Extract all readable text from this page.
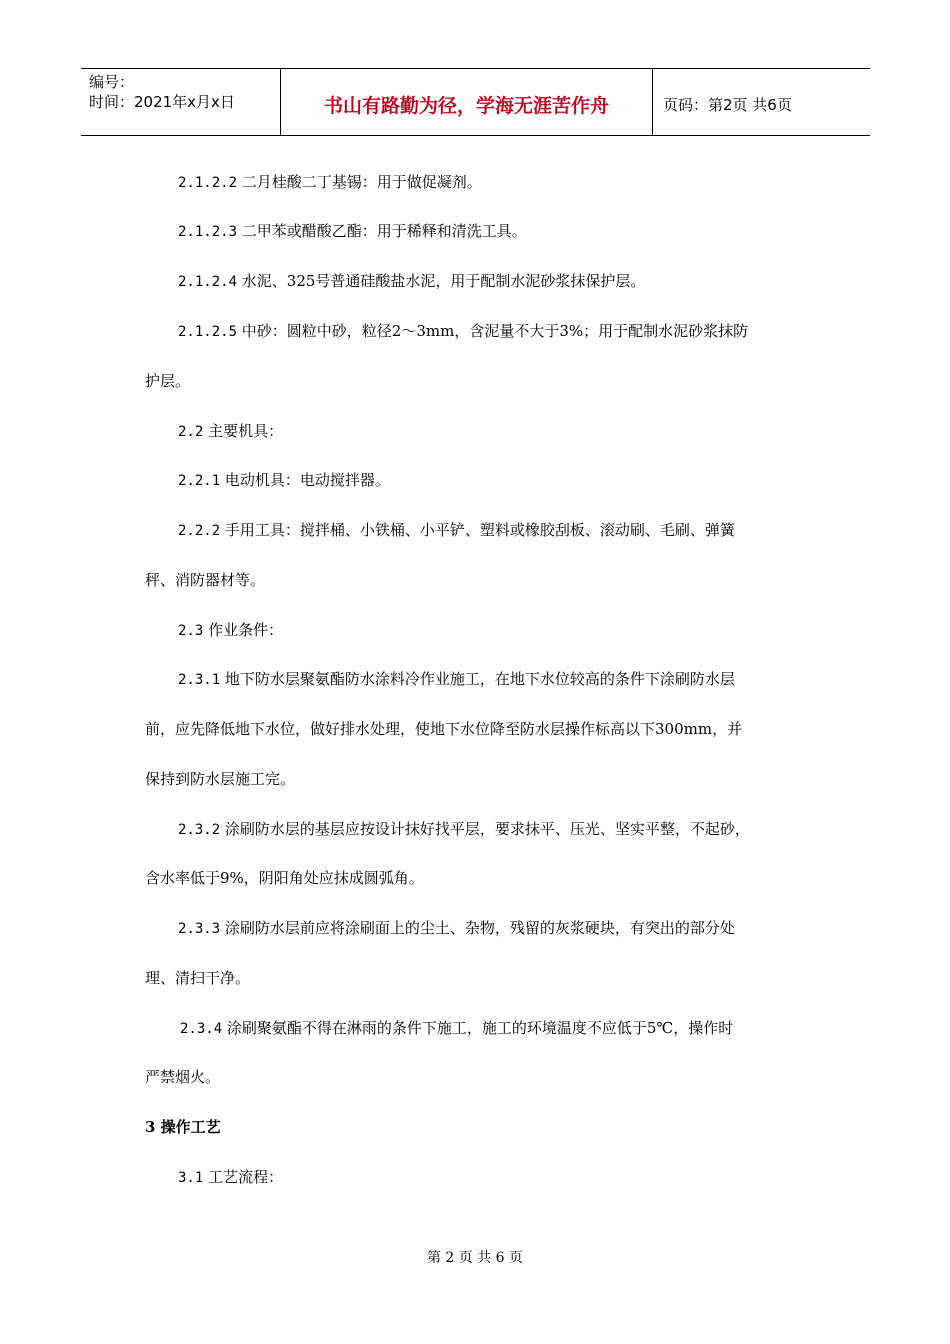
编号：
时间：2021年x月x日	书山有路勤为径，学海无涯苦作舟	页码：第2页 共6页
2.1.2.2 二月桂酸二丁基锡：用于做促凝剂。
2.1.2.3 二甲苯或醋酸乙酯：用于稀释和清洗工具。
2.1.2.4 水泥、325号普通硅酸盐水泥，用于配制水泥砂浆抹保护层。
2.1.2.5 中砂：圆粒中砂，粒径2～3mm，含泥量不大于3%；用于配制水泥砂浆抹防
护层。
2.2 主要机具：
2.2.1 电动机具：电动搅拌器。
2.2.2 手用工具：搅拌桶、小铁桶、小平铲、塑料或橡胶刮板、滚动刷、毛刷、弹簧
秤、消防器材等。
2.3 作业条件：
2.3.1 地下防水层聚氨酯防水涂料冷作业施工，在地下水位较高的条件下涂刷防水层
前，应先降低地下水位，做好排水处理，使地下水位降至防水层操作标高以下300mm，并
保持到防水层施工完。
2.3.2 涂刷防水层的基层应按设计抹好找平层，要求抹平、压光、坚实平整，不起砂，
含水率低于9%，阴阳角处应抹成圆弧角。
2.3.3 涂刷防水层前应将涂刷面上的尘土、杂物，残留的灰浆硬块，有突出的部分处
理、清扫干净。
2.3.4 涂刷聚氨酯不得在淋雨的条件下施工，施工的环境温度不应低于5℃，操作时
严禁烟火。
3 操作工艺
3.1 工艺流程：
第 2 页 共 6 页
